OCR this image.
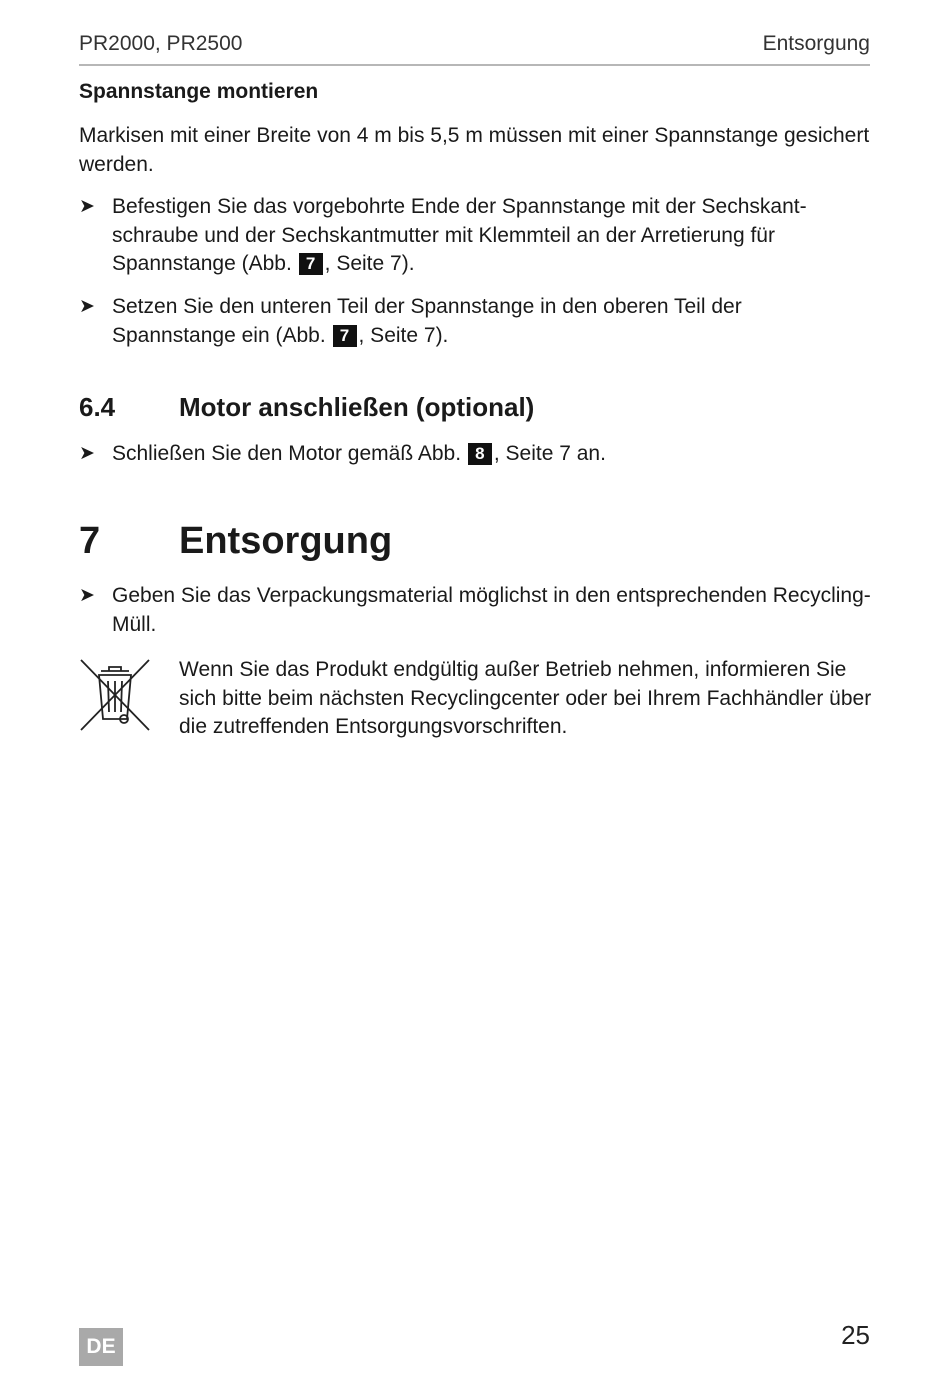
PR2000, PR2500	Entsorgung
Spannstange montieren
Markisen mit einer Breite von 4 m bis 5,5 m müssen mit einer Spannstange gesichert werden.
➤ Befestigen Sie das vorgebohrte Ende der Spannstange mit der Sechskant-schraube und der Sechskantmutter mit Klemmteil an der Arretierung für Spannstange (Abb. 7 , Seite 7).
➤ Setzen Sie den unteren Teil der Spannstange in den oberen Teil der Spannstange ein (Abb. 7 , Seite 7).
6.4 Motor anschließen (optional)
➤ Schließen Sie den Motor gemäß Abb. 8 , Seite 7 an.
7 Entsorgung
➤ Geben Sie das Verpackungsmaterial möglichst in den entsprechenden Recycling-Müll.
Wenn Sie das Produkt endgültig außer Betrieb nehmen, informieren Sie sich bitte beim nächsten Recyclingcenter oder bei Ihrem Fachhändler über die zutreffenden Entsorgungsvorschriften.
DE	25
